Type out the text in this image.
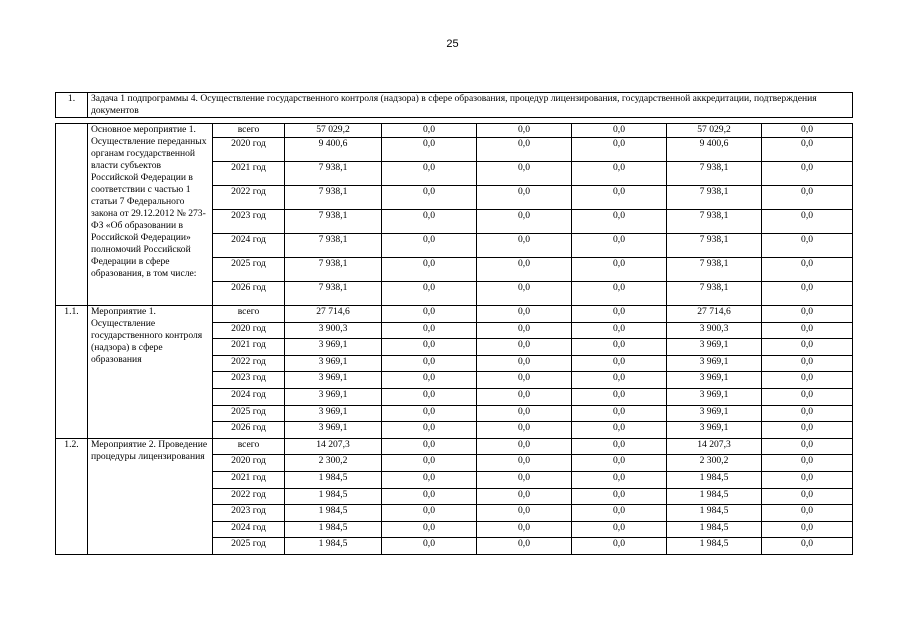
25
1.	Задача 1 подпрограммы 4. Осуществление государственного контроля (надзора) в сфере образования, процедур лицензирования, государственной аккредитации, подтверждения документов							

	Основное мероприятие 1. Осуществление переданных органам государственной власти субъектов Российской Федерации в соответствии с частью 1 статьи 7 Федерального закона от 29.12.2012 № 273-ФЗ «Об образовании в Российской Федерации» полномочий Российской Федерации в сфере образования, в том числе:	всего	57 029,2	0,0	0,0	0,0	57 029,2	0,0
		2020 год	9 400,6	0,0	0,0	0,0	9 400,6	0,0
		2021 год	7 938,1	0,0	0,0	0,0	7 938,1	0,0
		2022 год	7 938,1	0,0	0,0	0,0	7 938,1	0,0
		2023 год	7 938,1	0,0	0,0	0,0	7 938,1	0,0
		2024 год	7 938,1	0,0	0,0	0,0	7 938,1	0,0
		2025 год	7 938,1	0,0	0,0	0,0	7 938,1	0,0
		2026 год	7 938,1	0,0	0,0	0,0	7 938,1	0,0
1.1.	Мероприятие 1. Осуществление государственного контроля (надзора) в сфере образования	всего	27 714,6	0,0	0,0	0,0	27 714,6	0,0
		2020 год	3 900,3	0,0	0,0	0,0	3 900,3	0,0
		2021 год	3 969,1	0,0	0,0	0,0	3 969,1	0,0
		2022 год	3 969,1	0,0	0,0	0,0	3 969,1	0,0
		2023 год	3 969,1	0,0	0,0	0,0	3 969,1	0,0
		2024 год	3 969,1	0,0	0,0	0,0	3 969,1	0,0
		2025 год	3 969,1	0,0	0,0	0,0	3 969,1	0,0
		2026 год	3 969,1	0,0	0,0	0,0	3 969,1	0,0
1.2.	Мероприятие 2. Проведение процедуры лицензирования	всего	14 207,3	0,0	0,0	0,0	14 207,3	0,0
		2020 год	2 300,2	0,0	0,0	0,0	2 300,2	0,0
		2021 год	1 984,5	0,0	0,0	0,0	1 984,5	0,0
		2022 год	1 984,5	0,0	0,0	0,0	1 984,5	0,0
		2023 год	1 984,5	0,0	0,0	0,0	1 984,5	0,0
		2024 год	1 984,5	0,0	0,0	0,0	1 984,5	0,0
		2025 год	1 984,5	0,0	0,0	0,0	1 984,5	0,0
